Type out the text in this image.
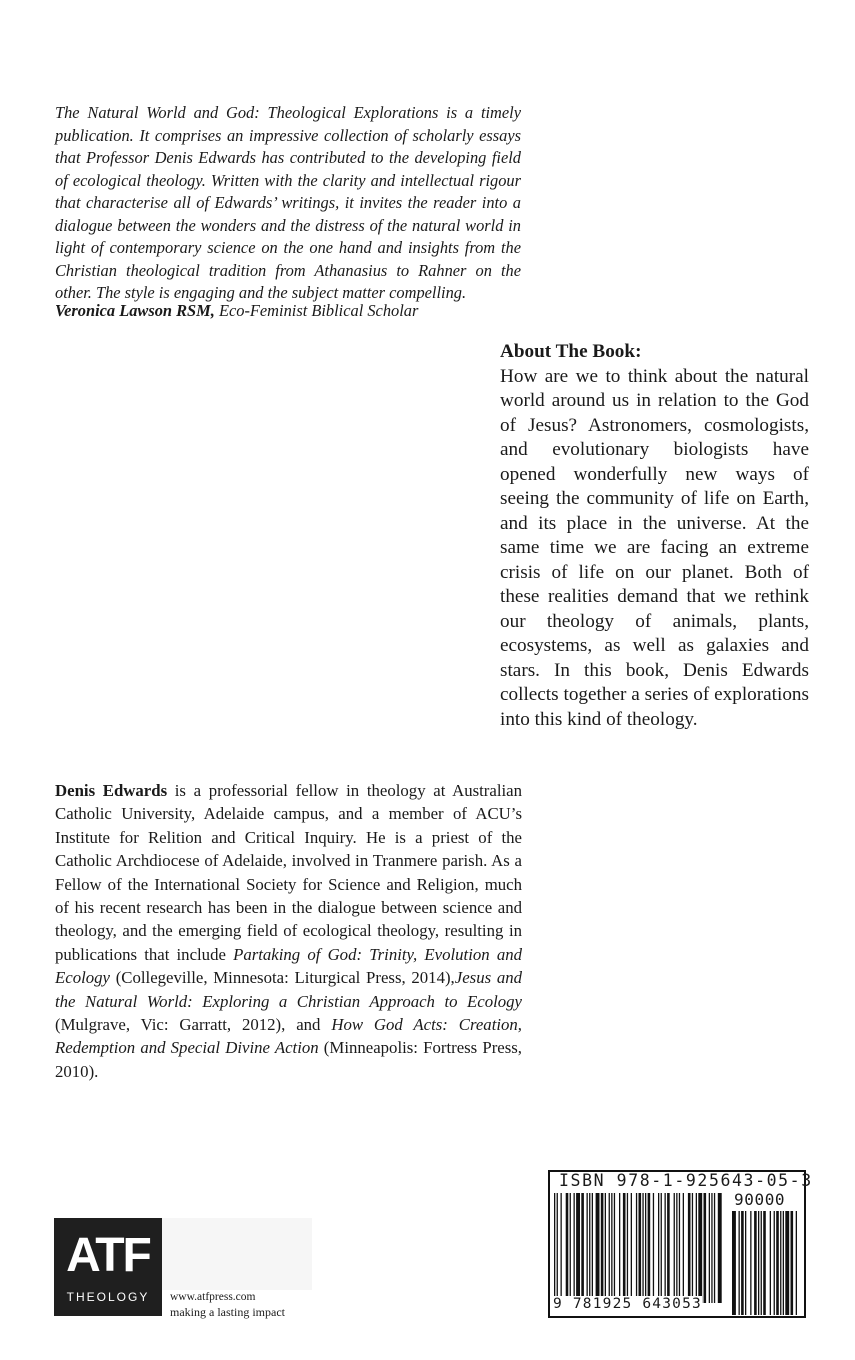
The Natural World and God: Theological Explorations is a timely publication. It comprises an impressive collection of scholarly essays that Professor Denis Edwards has contributed to the developing field of ecological theology. Written with the clarity and intellectual rigour that characterise all of Edwards’ writings, it invites the reader into a dialogue between the wonders and the distress of the natural world in light of contemporary science on the one hand and insights from the Christian theological tradition from Athanasius to Rahner on the other. The style is engaging and the subject matter compelling.

Veronica Lawson RSM, Eco-Feminist Biblical Scholar
About The Book:

How are we to think about the natural world around us in relation to the God of Jesus? Astronomers, cosmologists, and evolutionary biologists have opened wonderfully new ways of seeing the community of life on Earth, and its place in the universe. At the same time we are facing an extreme crisis of life on our planet. Both of these realities demand that we rethink our theology of animals, plants, ecosystems, as well as galaxies and stars. In this book, Denis Edwards collects together a series of explorations into this kind of theology.

Denis Edwards is a professorial fellow in theology at Australian Catholic University, Adelaide campus, and a member of ACU’s Institute for Relition and Critical Inquiry. He is a priest of the Catholic Archdiocese of Adelaide, involved in Tranmere parish. As a Fellow of the International Society for Science and Religion, much of his recent research has been in the dialogue between science and theology, and the emerging field of ecological theology, resulting in publications that include Partaking of God: Trinity, Evolution and Ecology (Collegeville, Minnesota: Liturgical Press, 2014),Jesus and the Natural World: Exploring a Christian Approach to Ecology (Mulgrave, Vic: Garratt, 2012), and How God Acts: Creation, Redemption and Special Divine Action (Minneapolis: Fortress Press, 2010).

ATF
THEOLOGY	www.atfpress.com
making a lasting impact
ISBN 978-1-925643-05-3
90000
9 781925 643053
